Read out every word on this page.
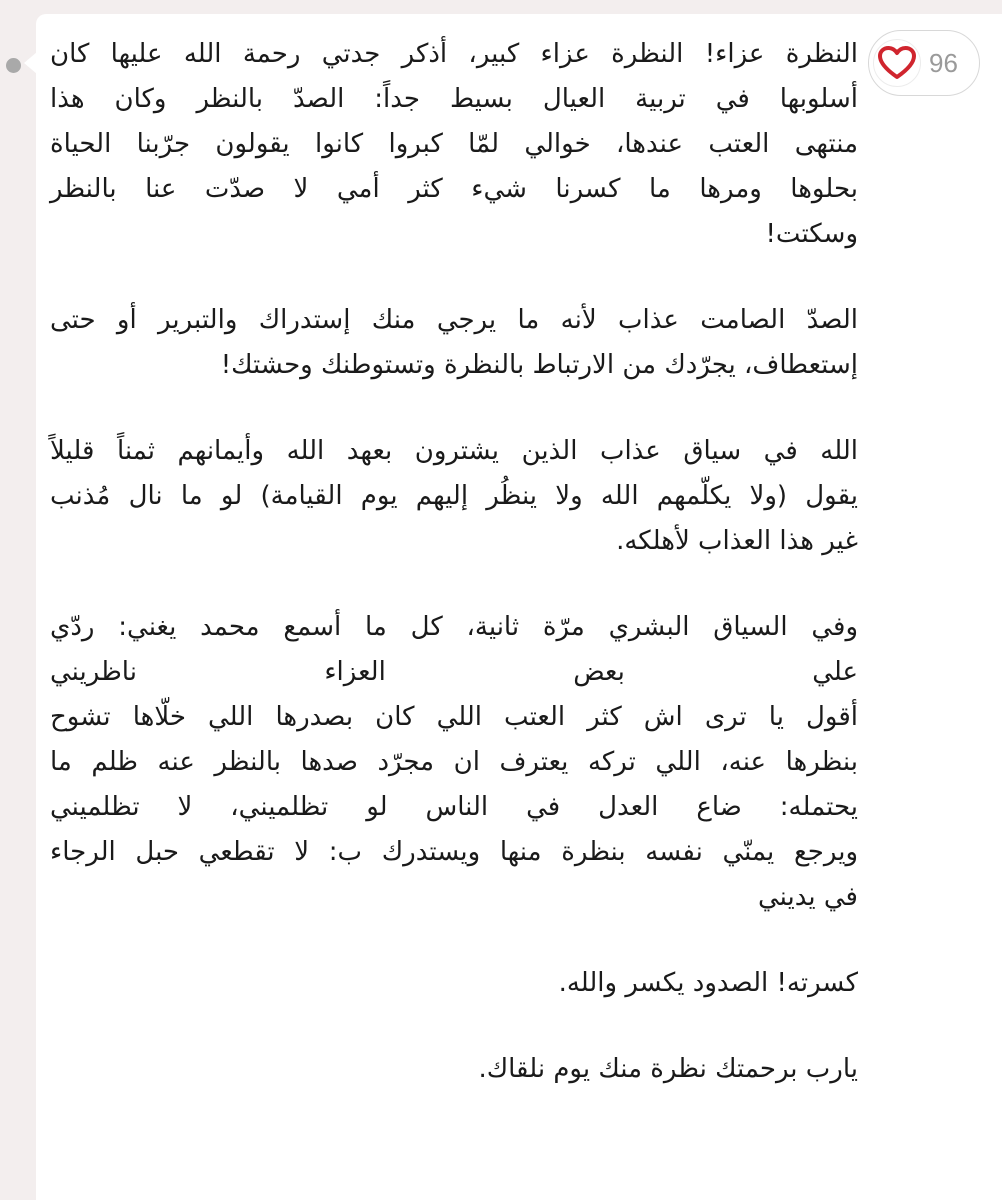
96

النظرة عزاء! النظرة عزاء كبير، أذكر جدتي رحمة الله عليها كان
أسلوبها في تربية العيال بسيط جداً: الصدّ بالنظر وكان هذا
منتهى العتب عندها، خوالي لمّا كبروا كانوا يقولون جرّبنا الحياة
بحلوها ومرها ما كسرنا شيء كثر أمي لا صدّت عنا بالنظر
وسكتت!

الصدّ الصامت عذاب لأنه ما يرجي منك إستدراك والتبرير أو حتى
إستعطاف، يجرّدك من الارتباط بالنظرة وتستوطنك وحشتك!

الله في سياق عذاب الذين يشترون بعهد الله وأيمانهم ثمناً قليلاً
يقول (ولا يكلّمهم الله ولا ينظُر إليهم يوم القيامة) لو ما نال مُذنب
غير هذا العذاب لأهلكه.

وفي السياق البشري مرّة ثانية، كل ما أسمع محمد يغني: ردّي
علي بعض العزاء ناظريني
أقول يا ترى اش كثر العتب اللي كان بصدرها اللي خلّاها تشوح
بنظرها عنه، اللي تركه يعترف ان مجرّد صدها بالنظر عنه ظلم ما
يحتمله: ضاع العدل في الناس لو تظلميني، لا تظلميني
ويرجع يمنّي نفسه بنظرة منها ويستدرك ب: لا تقطعي حبل الرجاء
في يديني

كسرته! الصدود يكسر والله.

يارب برحمتك نظرة منك يوم نلقاك.
